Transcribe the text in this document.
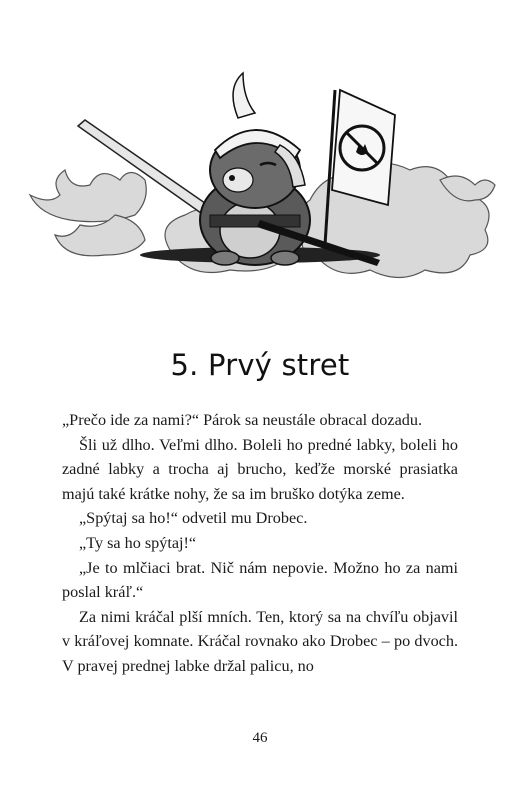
5. Prvý stret

„Prečo ide za nami?“ Párok sa neustále obracal dozadu.

Šli už dlho. Veľmi dlho. Boleli ho predné labky, boleli ho zadné labky a trocha aj brucho, keďže morské prasiatka majú také krátke nohy, že sa im bruško dotýka zeme.

„Spýtaj sa ho!“ odvetil mu Drobec.

„Ty sa ho spýtaj!“

„Je to mlčiaci brat. Nič nám nepovie. Možno ho za nami poslal kráľ.“

Za nimi kráčal plší mních. Ten, ktorý sa na chvíľu objavil v kráľovej komnate. Kráčal rovnako ako Drobec – po dvoch. V pravej prednej labke držal palicu, no

46
